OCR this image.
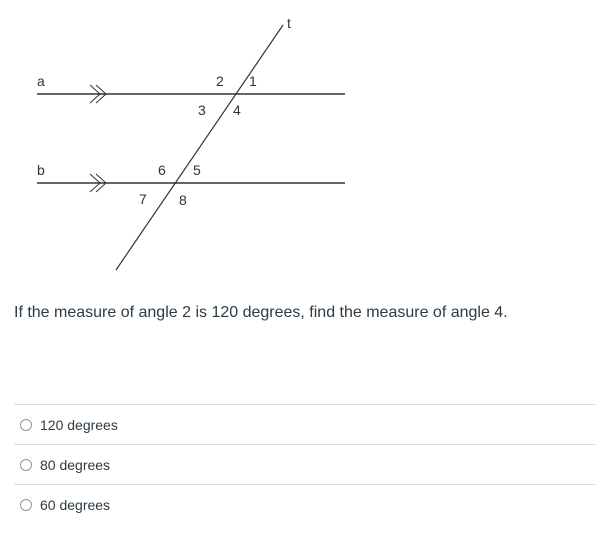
t
a
b
1
2
3 4
5
6
7 8
If the measure of angle 2 is 120 degrees, find the measure of angle 4.
120 degrees
80 degrees
60 degrees
